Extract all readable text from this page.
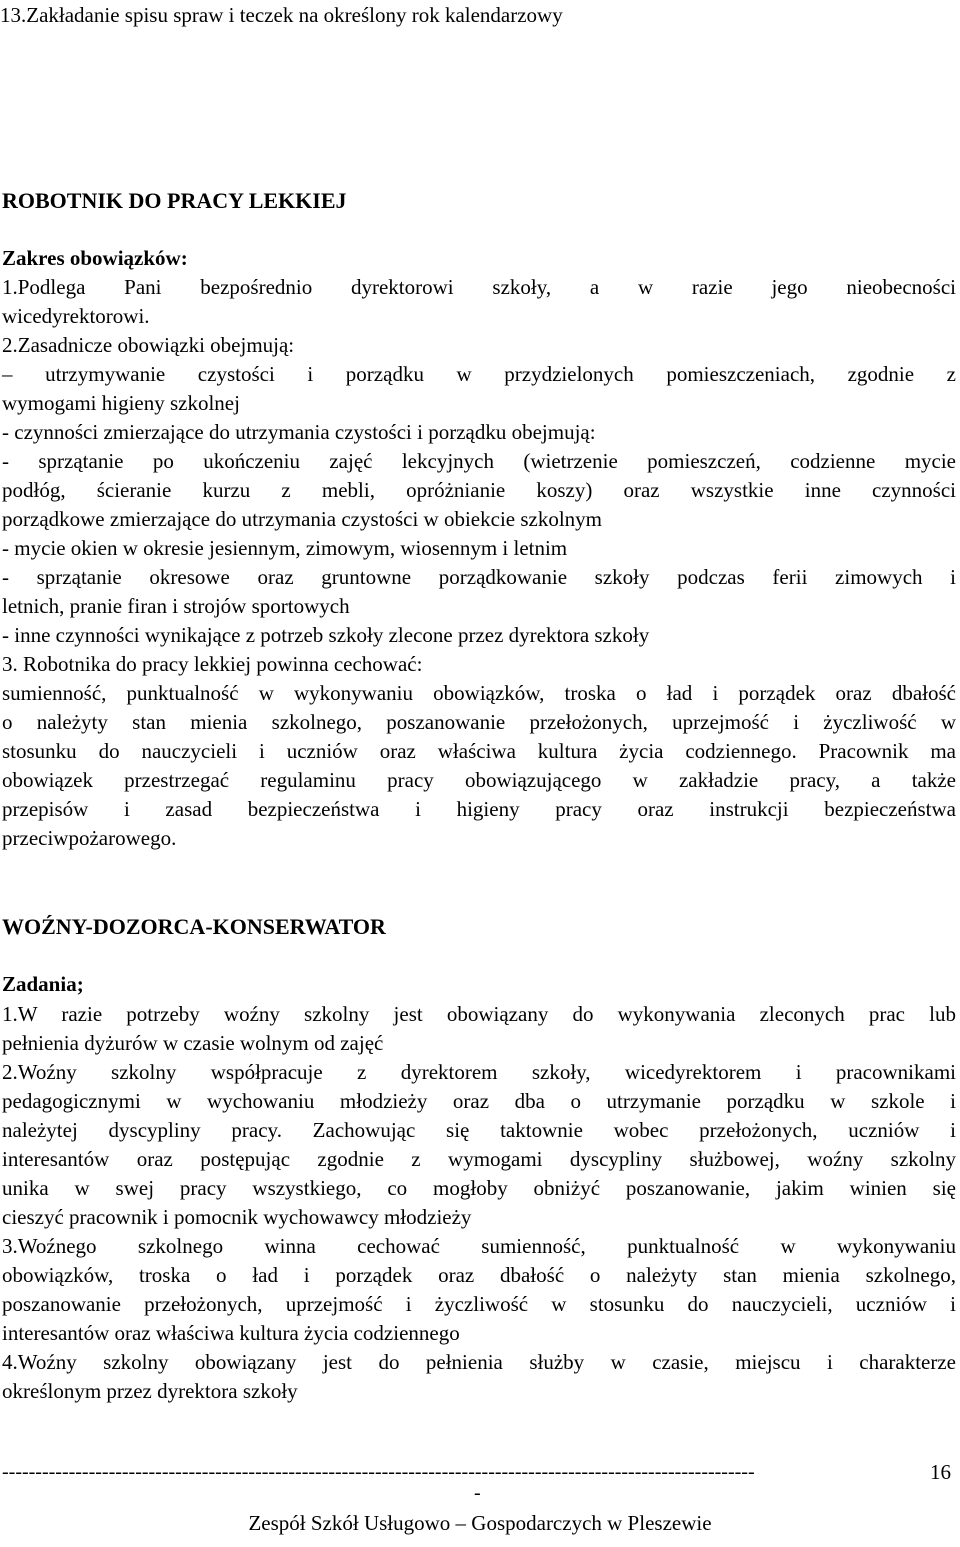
13.Zakładanie spisu spraw i teczek na określony rok kalendarzowy
ROBOTNIK DO PRACY LEKKIEJ
Zakres obowiązków:
1.Podlega Pani bezpośrednio dyrektorowi szkoły, a w razie jego nieobecności
wicedyrektorowi.
2.Zasadnicze obowiązki obejmują:
– utrzymywanie czystości i porządku w przydzielonych pomieszczeniach, zgodnie z
wymogami higieny szkolnej
- czynności zmierzające do utrzymania czystości i porządku obejmują:
- sprzątanie po ukończeniu zajęć lekcyjnych (wietrzenie pomieszczeń, codzienne mycie
podłóg, ścieranie kurzu z mebli, opróżnianie koszy) oraz wszystkie inne czynności
porządkowe zmierzające do utrzymania czystości w obiekcie szkolnym
- mycie okien w okresie jesiennym, zimowym, wiosennym i letnim
- sprzątanie okresowe oraz gruntowne porządkowanie szkoły podczas ferii zimowych i
letnich, pranie firan i strojów sportowych
- inne czynności wynikające z potrzeb szkoły zlecone przez dyrektora szkoły
3. Robotnika do pracy lekkiej powinna cechować:
sumienność, punktualność w wykonywaniu obowiązków, troska o ład i porządek oraz dbałość
o należyty stan mienia szkolnego, poszanowanie przełożonych, uprzejmość i życzliwość w
stosunku do nauczycieli i uczniów oraz właściwa kultura życia codziennego. Pracownik ma
obowiązek przestrzegać regulaminu pracy obowiązującego w zakładzie pracy, a także
przepisów i zasad bezpieczeństwa i higieny pracy oraz instrukcji bezpieczeństwa
przeciwpożarowego.
WOŹNY-DOZORCA-KONSERWATOR
Zadania;
1.W razie potrzeby woźny szkolny jest obowiązany do wykonywania zleconych prac lub
pełnienia dyżurów w czasie wolnym od zajęć
2.Woźny szkolny współpracuje z dyrektorem szkoły, wicedyrektorem i pracownikami
pedagogicznymi w wychowaniu młodzieży oraz dba o utrzymanie porządku w szkole i
należytej dyscypliny pracy. Zachowując się taktownie wobec przełożonych, uczniów i
interesantów oraz postępując zgodnie z wymogami dyscypliny służbowej, woźny szkolny
unika w swej pracy wszystkiego, co mogłoby obniżyć poszanowanie, jakim winien się
cieszyć pracownik i pomocnik wychowawcy młodzieży
3.Woźnego szkolnego winna cechować sumienność, punktualność w wykonywaniu
obowiązków, troska o ład i porządek oraz dbałość o należyty stan mienia szkolnego,
poszanowanie przełożonych, uprzejmość i życzliwość w stosunku do nauczycieli, uczniów i
interesantów oraz właściwa kultura życia codziennego
4.Woźny szkolny obowiązany jest do pełnienia służby w czasie, miejscu i charakterze
określonym przez dyrektora szkoły
-----------------------------------------------------------------------------------------------------------------	16
-
Zespół Szkół Usługowo – Gospodarczych w Pleszewie
